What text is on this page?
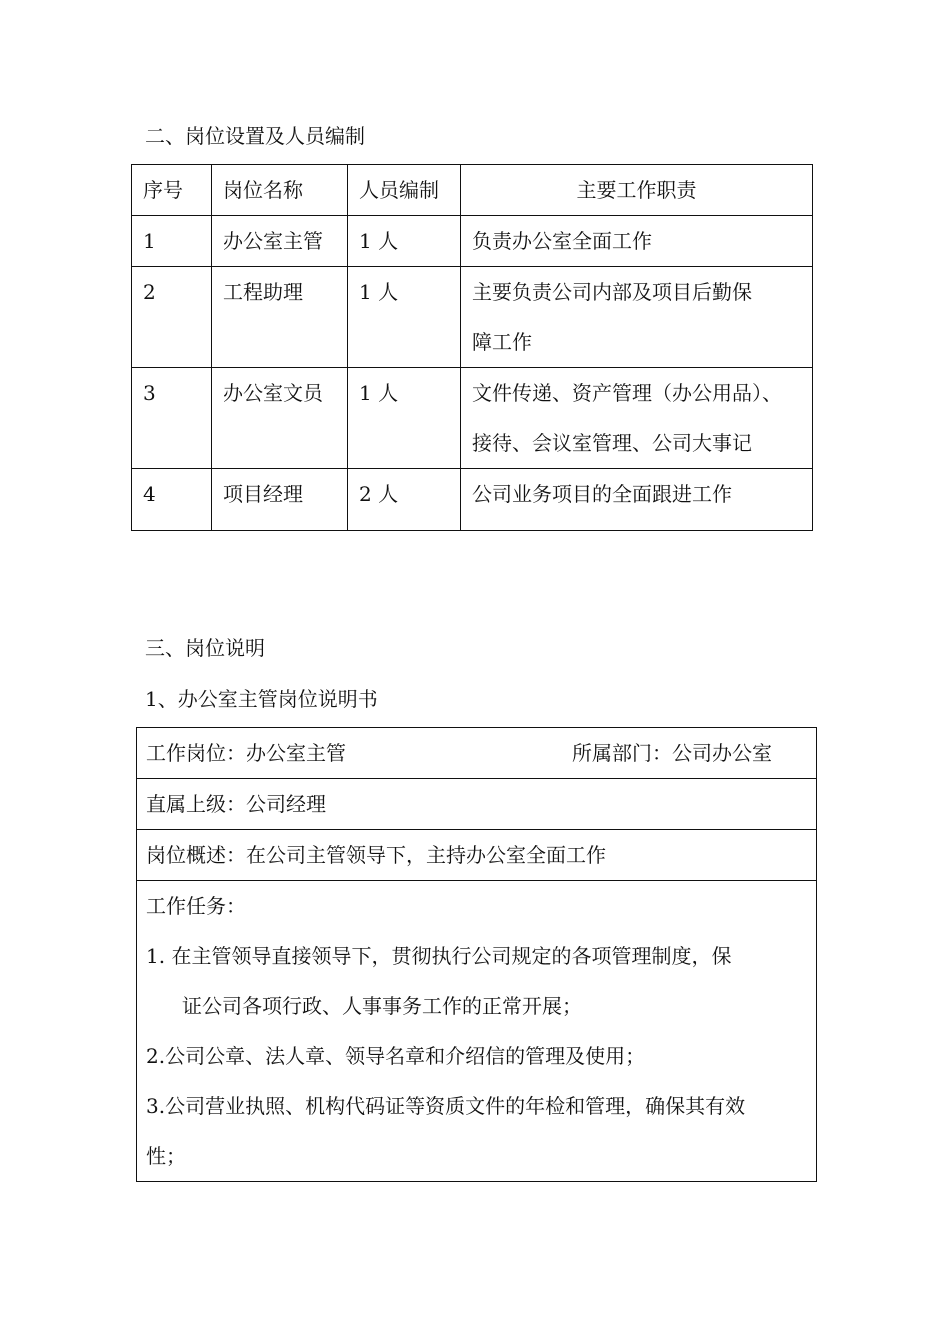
二、岗位设置及人员编制
序号	岗位名称	人员编制	主要工作职责
1	办公室主管	1 人	负责办公室全面工作
2	工程助理	1 人	主要负责公司内部及项目后勤保
障工作

3	办公室文员	1 人	文件传递、资产管理（办公用品）、
接待、会议室管理、公司大事记

4	项目经理	2 人	公司业务项目的全面跟进工作
三、岗位说明
1、办公室主管岗位说明书
工作岗位：办公室主管	所属部门：公司办公室

直属上级：公司经理
岗位概述：在公司主管领导下，主持办公室全面工作

工作任务：
1. 在主管领导直接领导下，贯彻执行公司规定的各项管理制度，保
证公司各项行政、人事事务工作的正常开展；
2.公司公章、法人章、领导名章和介绍信的管理及使用；
3.公司营业执照、机构代码证等资质文件的年检和管理，确保其有效
性；
